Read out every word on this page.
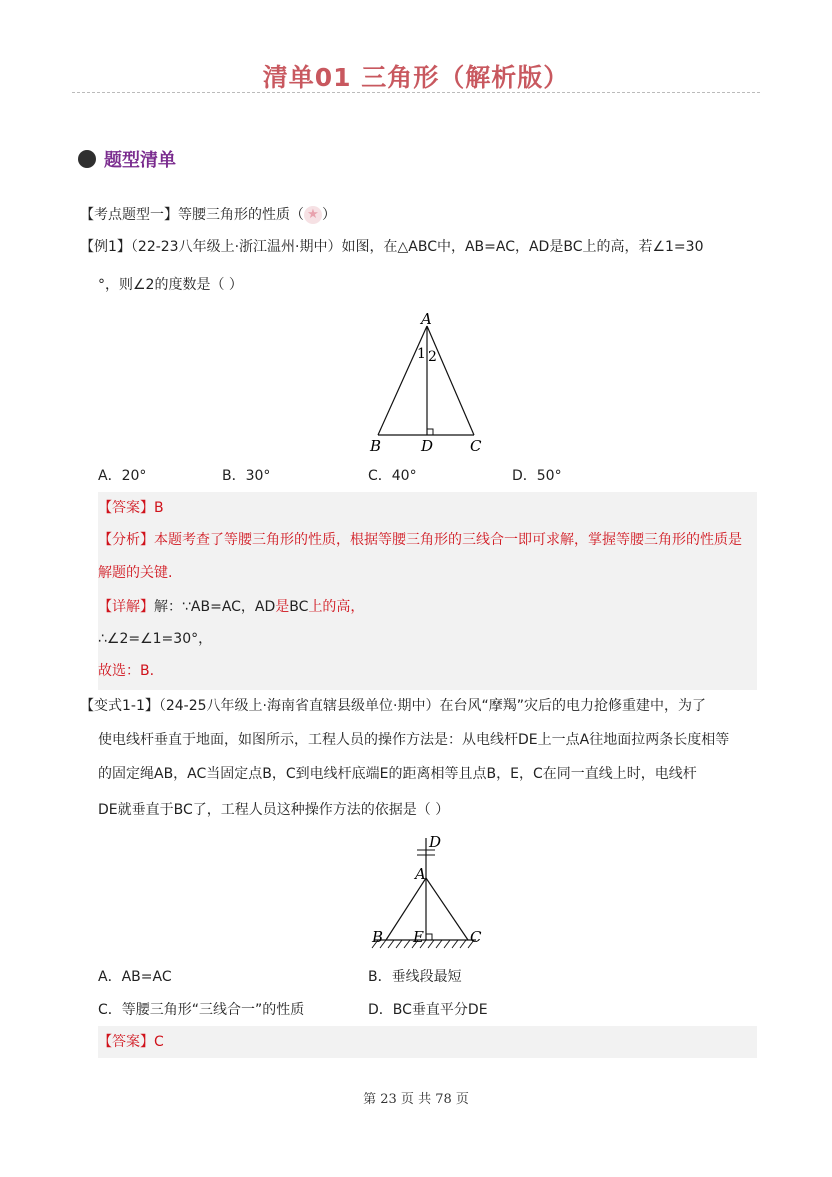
清单01 三角形（解析版）
题型清单
【考点题型一】等腰三角形的性质（ ★ ）
【例1】（22-23八年级上·浙江温州·期中）如图，在△ABC中，AB=AC，AD是BC上的高，若∠1=30
°，则∠2的度数是（ ）
A
B	D C
1 2
A．20°	B．30°	C．40°	D．50°
【答案】B
【分析】本题考查了等腰三角形的性质，根据等腰三角形的三线合一即可求解，掌握等腰三角形的性质是
解题的关键.
【详解】解：∵AB=AC，AD是BC上的高，
∴∠2=∠1=30°，
故选：B.
【变式1-1】（24-25八年级上·海南省直辖县级单位·期中）在台风“摩羯”灾后的电力抢修重建中，为了
使电线杆垂直于地面，如图所示，工程人员的操作方法是：从电线杆DE上一点A往地面拉两条长度相等
的固定绳AB，AC当固定点B，C到电线杆底端E的距离相等且点B，E，C在同一直线上时，电线杆
DE就垂直于BC了，工程人员这种操作方法的依据是（ ）
D
A
B E	C
A．AB=AC	B．垂线段最短
C．等腰三角形“三线合一”的性质	D．BC垂直平分DE
【答案】C
第 23 页 共 78 页
